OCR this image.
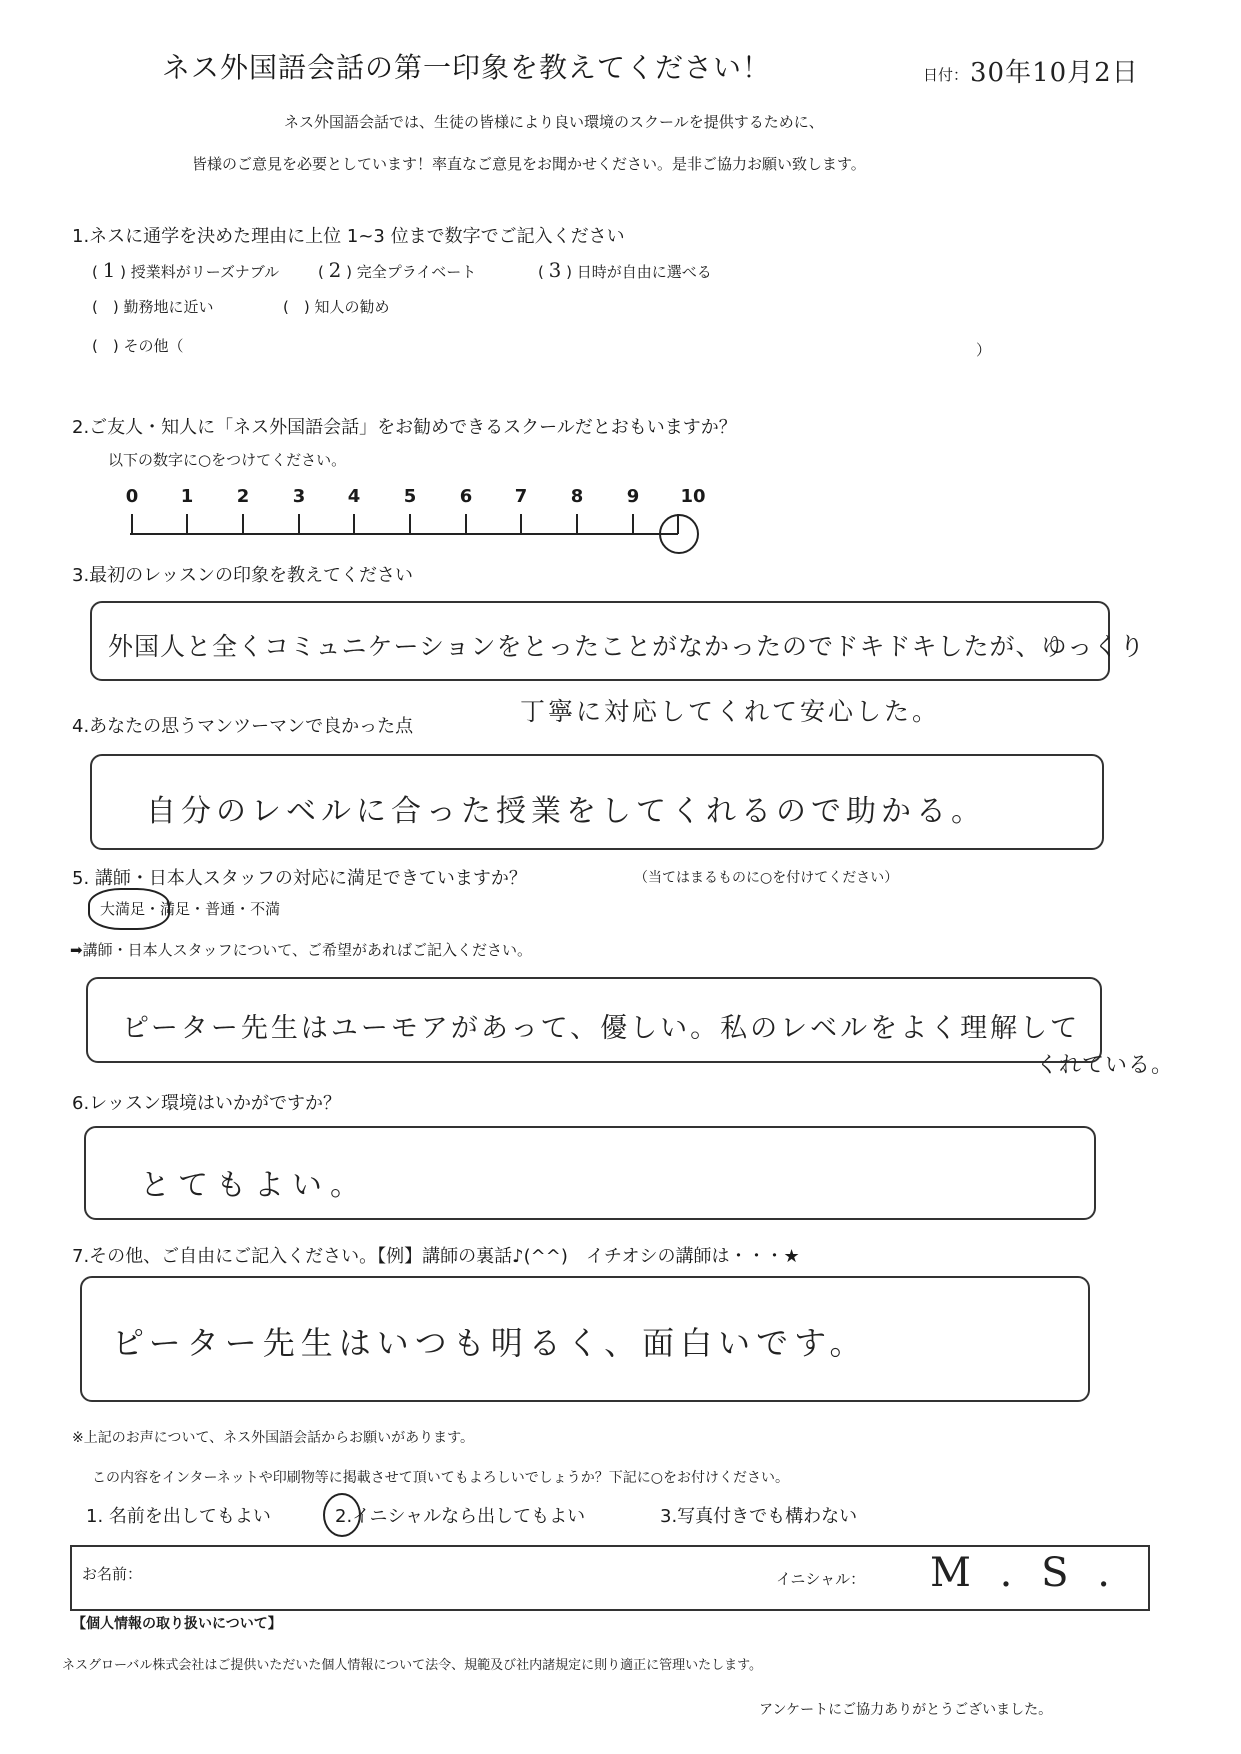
ネス外国語会話の第一印象を教えてください！	日付： 30年10月2日
ネス外国語会話では、生徒の皆様により良い環境のスクールを提供するために、
皆様のご意見を必要としています！率直なご意見をお聞かせください。是非ご協力お願い致します。
1.ネスに通学を決めた理由に上位 1~3 位まで数字でご記入ください
( 1 ) 授業料がリーズナブル	( 2 ) 完全プライベート	( 3 ) 日時が自由に選べる
(　) 勤務地に近い	(　) 知人の勧め
(　) その他（	）
2.ご友人・知人に「ネス外国語会話」をお勧めできるスクールだとおもいますか？
以下の数字に○をつけてください。
0 1 2 3 4 5 6 7 8 9 10
3.最初のレッスンの印象を教えてください
外国人と全くコミュニケーションをとったことがなかったのでドキドキしたが、ゆっくり
丁寧に対応してくれて安心した。
4.あなたの思うマンツーマンで良かった点
自分のレベルに合った授業をしてくれるので助かる。
5. 講師・日本人スタッフの対応に満足できていますか？	（当てはまるものに○を付けてください）
大満足・満足・普通・不満
➡講師・日本人スタッフについて、ご希望があればご記入ください。
ピーター先生はユーモアがあって、優しい。私のレベルをよく理解して
くれている。
6.レッスン環境はいかがですか？
とてもよい。
7.その他、ご自由にご記入ください。【例】講師の裏話♪(^^)　イチオシの講師は・・・★
ピーター先生はいつも明るく、面白いです。
※上記のお声について、ネス外国語会話からお願いがあります。
この内容をインターネットや印刷物等に掲載させて頂いてもよろしいでしょうか？下記に○をお付けください。
1. 名前を出してもよい	2.イニシャルなら出してもよい	3.写真付きでも構わない
お名前：	イニシャル： M . S .
【個人情報の取り扱いについて】
ネスグローバル株式会社はご提供いただいた個人情報について法令、規範及び社内諸規定に則り適正に管理いたします。
アンケートにご協力ありがとうございました。
